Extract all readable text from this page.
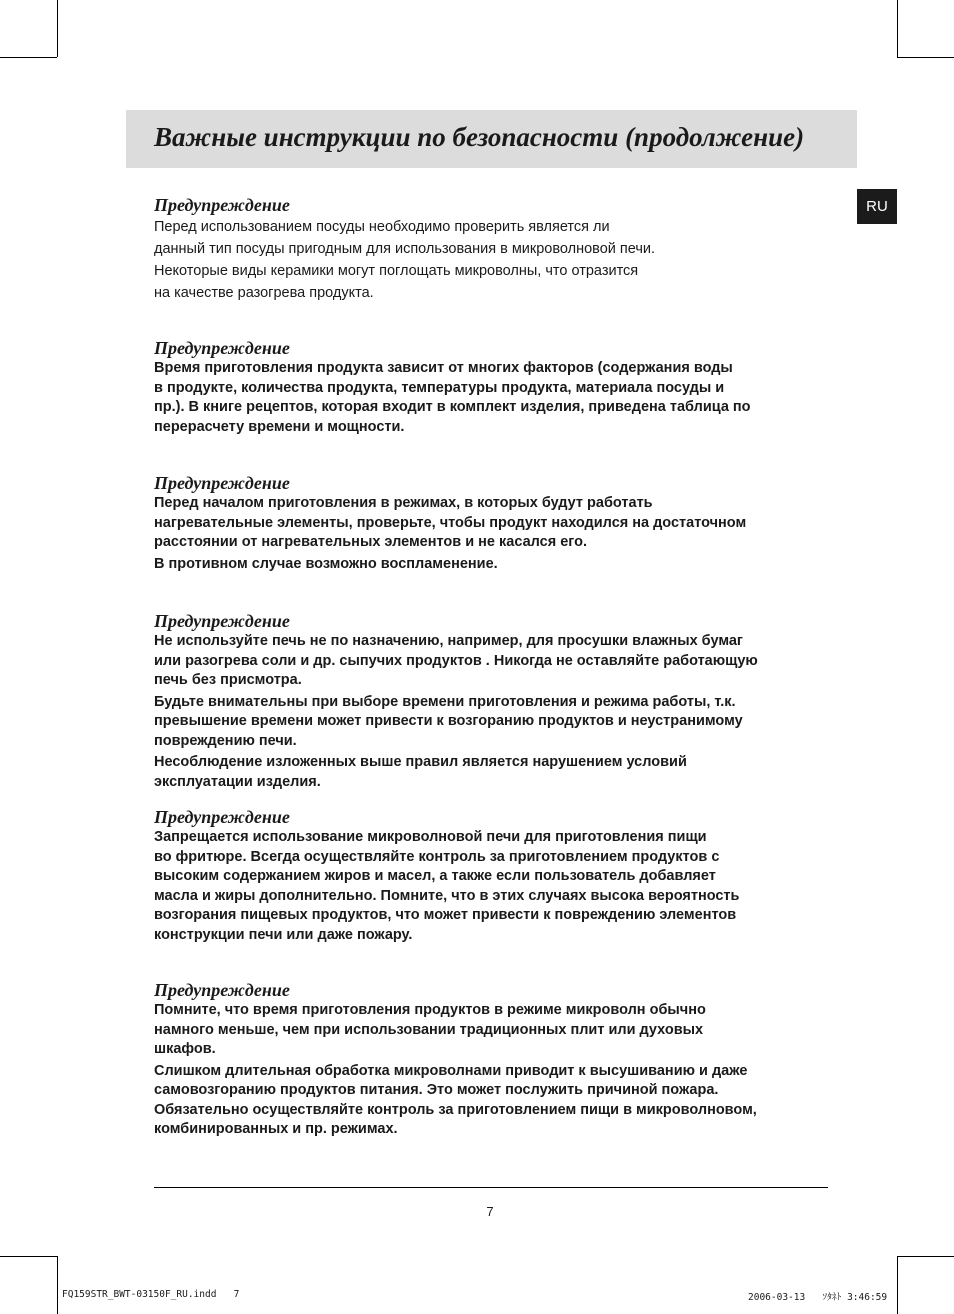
Важные инструкции по безопасности (продолжение)
RU
Предупреждение

Перед использованием посуды необходимо проверить является ли
данный тип посуды пригодным для использования в микроволновой печи.
Некоторые виды керамики могут поглощать микроволны, что отразится
на качестве разогрева продукта.

Предупреждение

Время приготовления продукта зависит от многих факторов (содержания воды
в продукте, количества продукта, температуры продукта, материала посуды и
пр.). В книге рецептов, которая входит в комплект изделия, приведена таблица по
перерасчету времени и мощности.

Предупреждение

Перед началом приготовления в режимах, в которых будут работать
нагревательные элементы, проверьте, чтобы продукт находился на достаточном
расстоянии от нагревательных элементов и не касался его.

В противном случае возможно воспламенение.

Предупреждение

Не используйте печь не по назначению, например, для просушки влажных бумаг
или разогрева соли и др. сыпучих продуктов . Никогда не оставляйте работающую
печь без присмотра.

Будьте внимательны при выборе времени приготовления и режима работы, т.к.
превышение времени может привести к возгоранию продуктов и неустранимому
повреждению печи.

Несоблюдение изложенных выше правил является нарушением условий
эксплуатации изделия.

Предупреждение

Запрещается использование микроволновой печи для приготовления пищи
во фритюре. Всегда осуществляйте контроль за приготовлением продуктов с
высоким содержанием жиров и масел, а также если пользователь добавляет
масла и жиры дополнительно. Помните, что в этих случаях высока вероятность
возгорания пищевых продуктов, что может привести к повреждению элементов
конструкции печи или даже пожару.

Предупреждение

Помните, что время приготовления продуктов в режиме микроволн обычно
намного меньше, чем при использовании традиционных плит или духовых
шкафов.

Слишком длительная обработка микроволнами приводит к высушиванию и даже
самовозгоранию продуктов питания. Это может послужить причиной пожара.
Обязательно осуществляйте контроль за приготовлением пищи в микроволновом,
комбинированных и пр. режимах.

7
FQ159STR_BWT-03150F_RU.indd   7	2006-03-13   ｿﾀﾈﾄ 3:46:59
